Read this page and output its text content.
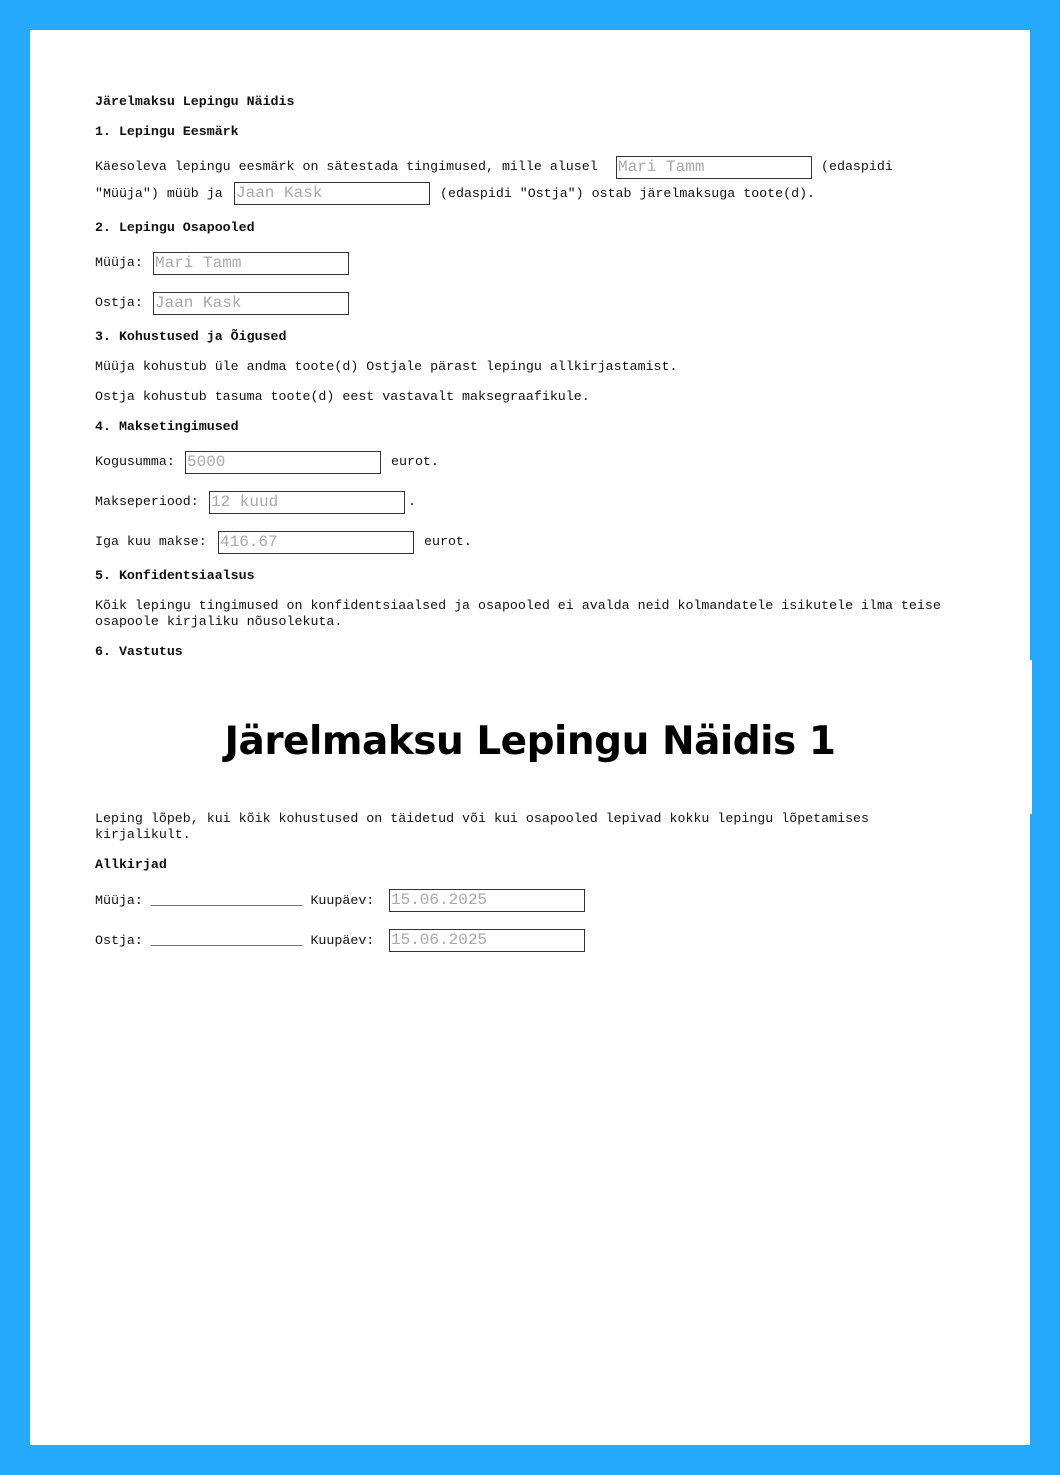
Järelmaksu Lepingu Näidis
1. Lepingu Eesmärk
Käesoleva lepingu eesmärk on sätestada tingimused, mille alusel Mari Tamm	(edaspidi
"Müüja") müüb ja Jaan Kask	(edaspidi "Ostja") ostab järelmaksuga toote(d).
2. Lepingu Osapooled
Müüja: Mari Tamm
Ostja: Jaan Kask
3. Kohustused ja Õigused
Müüja kohustub üle andma toote(d) Ostjale pärast lepingu allkirjastamist.
Ostja kohustub tasuma toote(d) eest vastavalt maksegraafikule.
4. Maksetingimused
Kogusumma: 5000	eurot.
Makseperiood: 12 kuud	.
Iga kuu makse: 416.67	eurot.
5. Konfidentsiaalsus
Kõik lepingu tingimused on konfidentsiaalsed ja osapooled ei avalda neid kolmandatele isikutele ilma teise
osapoole kirjaliku nõusolekuta.
6. Vastutus
Järelmaksu Lepingu Näidis 1
Leping lõpeb, kui kõik kohustused on täidetud või kui osapooled lepivad kokku lepingu lõpetamises
kirjalikult.
Allkirjad
Müüja: ___________________ Kuupäev: 15.06.2025
Ostja: ___________________ Kuupäev: 15.06.2025
